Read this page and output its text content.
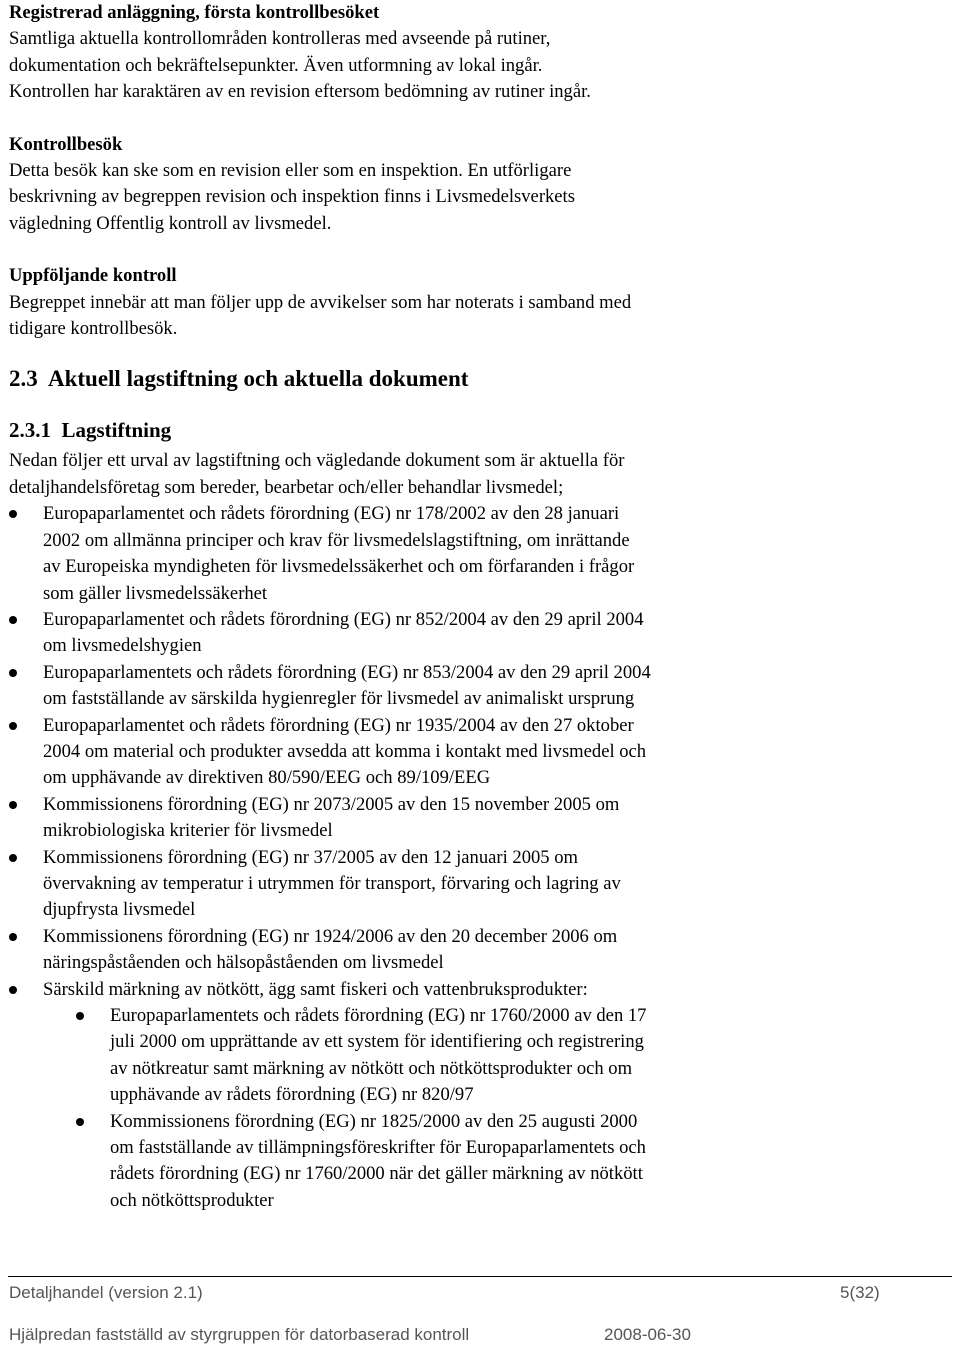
Registrerad anläggning, första kontrollbesöket
Samtliga aktuella kontrollområden kontrolleras med avseende på rutiner,
dokumentation och bekräftelsepunkter. Även utformning av lokal ingår.
Kontrollen har karaktären av en revision eftersom bedömning av rutiner ingår.
Kontrollbesök
Detta besök kan ske som en revision eller som en inspektion. En utförligare
beskrivning av begreppen revision och inspektion finns i Livsmedelsverkets
vägledning Offentlig kontroll av livsmedel.
Uppföljande kontroll
Begreppet innebär att man följer upp de avvikelser som har noterats i samband med
tidigare kontrollbesök.
2.3  Aktuell lagstiftning och aktuella dokument
2.3.1  Lagstiftning
Nedan följer ett urval av lagstiftning och vägledande dokument som är aktuella för
detaljhandelsföretag som bereder, bearbetar och/eller behandlar livsmedel;
Europaparlamentet och rådets förordning (EG) nr 178/2002 av den 28 januari
2002 om allmänna principer och krav för livsmedelslagstiftning, om inrättande
av Europeiska myndigheten för livsmedelssäkerhet och om förfaranden i frågor
som gäller livsmedelssäkerhet
Europaparlamentet och rådets förordning (EG) nr 852/2004 av den 29 april 2004
om livsmedelshygien
Europaparlamentets och rådets förordning (EG) nr 853/2004 av den 29 april 2004
om fastställande av särskilda hygienregler för livsmedel av animaliskt ursprung
Europaparlamentet och rådets förordning (EG) nr 1935/2004 av den 27 oktober
2004 om material och produkter avsedda att komma i kontakt med livsmedel och
om upphävande av direktiven 80/590/EEG och 89/109/EEG
Kommissionens förordning (EG) nr 2073/2005 av den 15 november 2005 om
mikrobiologiska kriterier för livsmedel
Kommissionens förordning (EG) nr 37/2005 av den 12 januari 2005 om
övervakning av temperatur i utrymmen för transport, förvaring och lagring av
djupfrysta livsmedel
Kommissionens förordning (EG) nr 1924/2006 av den 20 december 2006 om
näringspåståenden och hälsopåståenden om livsmedel
Särskild märkning av nötkött, ägg samt fiskeri och vattenbruksprodukter:
Europaparlamentets och rådets förordning (EG) nr 1760/2000 av den 17
juli 2000 om upprättande av ett system för identifiering och registrering
av nötkreatur samt märkning av nötkött och nötköttsprodukter och om
upphävande av rådets förordning (EG) nr 820/97
Kommissionens förordning (EG) nr 1825/2000 av den 25 augusti 2000
om fastställande av tillämpningsföreskrifter för Europaparlamentets och
rådets förordning (EG) nr 1760/2000 när det gäller märkning av nötkött
och nötköttsprodukter
Detaljhandel (version 2.1)	5(32)
Hjälpredan fastställd av styrgruppen för datorbaserad kontroll	2008-06-30
